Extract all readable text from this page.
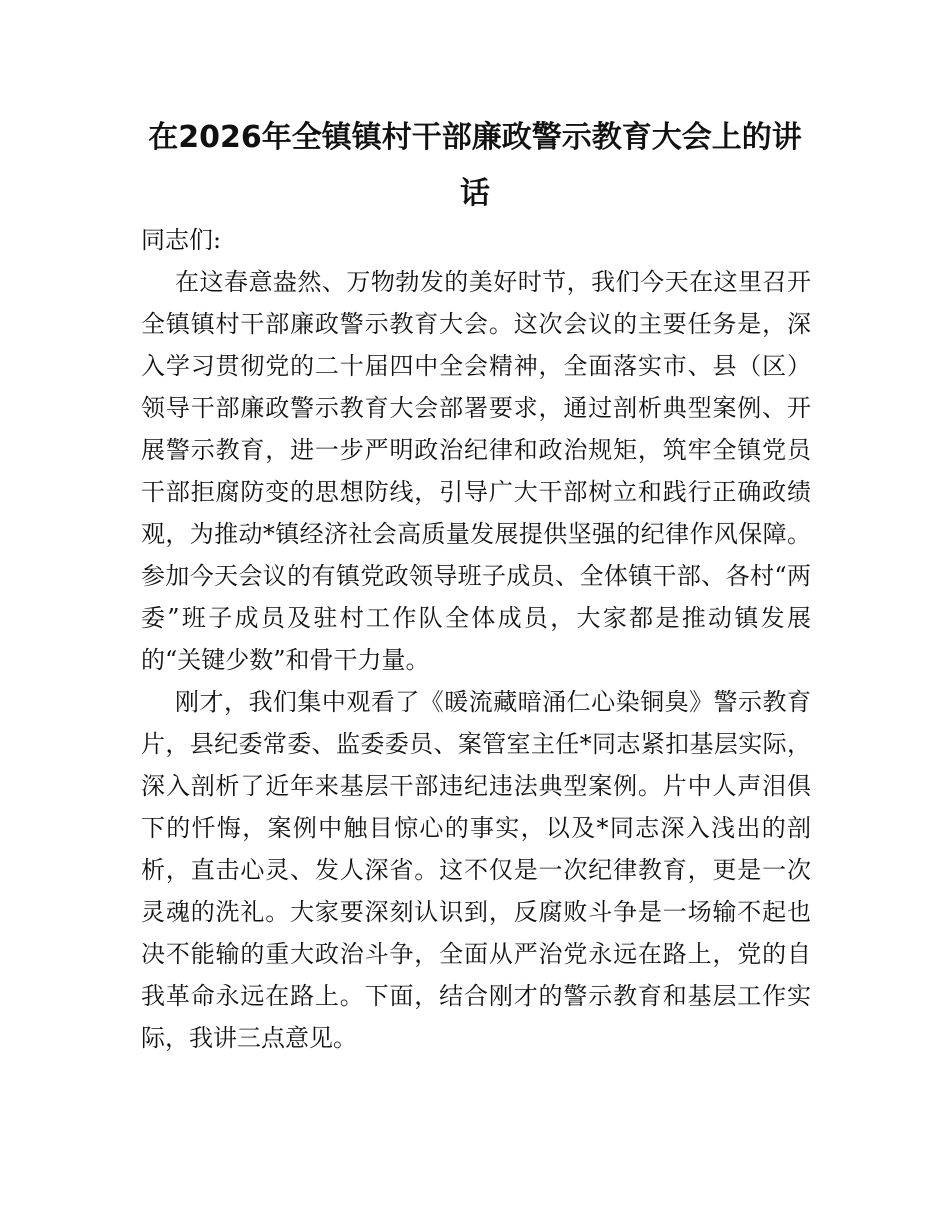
在2026年全镇镇村干部廉政警示教育大会上的讲话

同志们:

在这春意盎然、万物勃发的美好时节，我们今天在这里召开全镇镇村干部廉政警示教育大会。这次会议的主要任务是，深入学习贯彻党的二十届四中全会精神，全面落实市、县（区）领导干部廉政警示教育大会部署要求，通过剖析典型案例、开展警示教育，进一步严明政治纪律和政治规矩，筑牢全镇党员干部拒腐防变的思想防线，引导广大干部树立和践行正确政绩观，为推动*镇经济社会高质量发展提供坚强的纪律作风保障。参加今天会议的有镇党政领导班子成员、全体镇干部、各村“两委”班子成员及驻村工作队全体成员，大家都是推动镇发展的“关键少数”和骨干力量。

刚才，我们集中观看了《暖流藏暗涌仁心染铜臭》警示教育片，县纪委常委、监委委员、案管室主任*同志紧扣基层实际，深入剖析了近年来基层干部违纪违法典型案例。片中人声泪俱下的忏悔，案例中触目惊心的事实，以及*同志深入浅出的剖析，直击心灵、发人深省。这不仅是一次纪律教育，更是一次灵魂的洗礼。大家要深刻认识到，反腐败斗争是一场输不起也决不能输的重大政治斗争，全面从严治党永远在路上，党的自我革命永远在路上。下面，结合刚才的警示教育和基层工作实际，我讲三点意见。
